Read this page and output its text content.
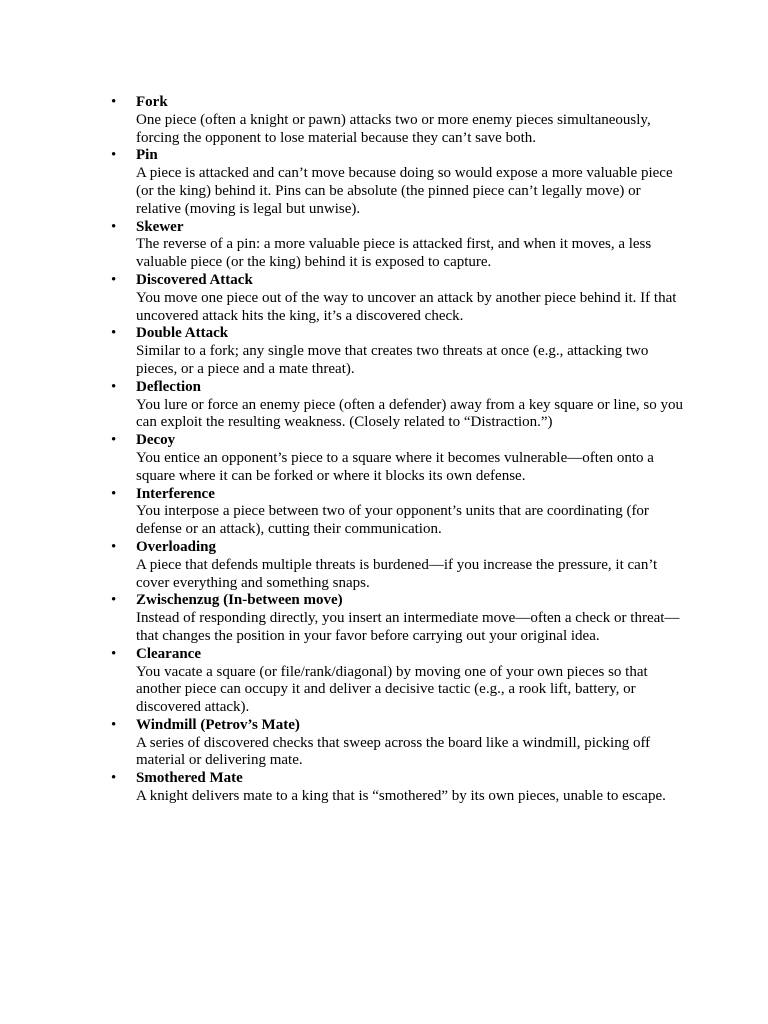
• Fork
One piece (often a knight or pawn) attacks two or more enemy pieces simultaneously, forcing the opponent to lose material because they can’t save both.
• Pin
A piece is attacked and can’t move because doing so would expose a more valuable piece (or the king) behind it. Pins can be absolute (the pinned piece can’t legally move) or relative (moving is legal but unwise).
• Skewer
The reverse of a pin: a more valuable piece is attacked first, and when it moves, a less valuable piece (or the king) behind it is exposed to capture.
• Discovered Attack
You move one piece out of the way to uncover an attack by another piece behind it. If that uncovered attack hits the king, it’s a discovered check.
• Double Attack
Similar to a fork; any single move that creates two threats at once (e.g., attacking two pieces, or a piece and a mate threat).
• Deflection
You lure or force an enemy piece (often a defender) away from a key square or line, so you can exploit the resulting weakness. (Closely related to “Distraction.”)
• Decoy
You entice an opponent’s piece to a square where it becomes vulnerable—often onto a square where it can be forked or where it blocks its own defense.
• Interference
You interpose a piece between two of your opponent’s units that are coordinating (for defense or an attack), cutting their communication.
• Overloading
A piece that defends multiple threats is burdened—if you increase the pressure, it can’t cover everything and something snaps.
• Zwischenzug (In-between move)
Instead of responding directly, you insert an intermediate move—often a check or threat—that changes the position in your favor before carrying out your original idea.
• Clearance
You vacate a square (or file/rank/diagonal) by moving one of your own pieces so that another piece can occupy it and deliver a decisive tactic (e.g., a rook lift, battery, or discovered attack).
• Windmill (Petrov’s Mate)
A series of discovered checks that sweep across the board like a windmill, picking off material or delivering mate.
• Smothered Mate
A knight delivers mate to a king that is “smothered” by its own pieces, unable to escape.
